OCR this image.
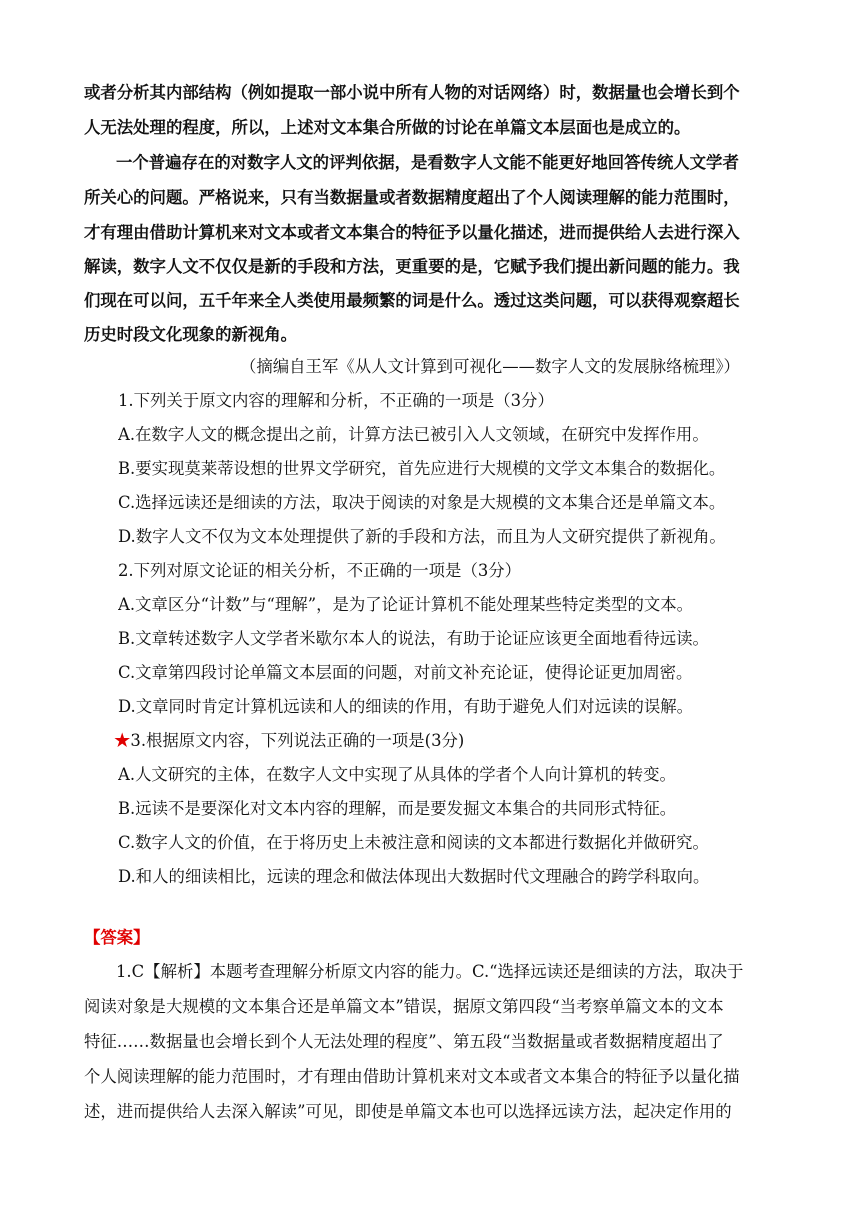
或者分析其内部结构（例如提取一部小说中所有人物的对话网络）时，数据量也会增长到个
人无法处理的程度，所以，上述对文本集合所做的讨论在单篇文本层面也是成立的。
一个普遍存在的对数字人文的评判依据，是看数字人文能不能更好地回答传统人文学者
所关心的问题。严格说来，只有当数据量或者数据精度超出了个人阅读理解的能力范围时，
才有理由借助计算机来对文本或者文本集合的特征予以量化描述，进而提供给人去进行深入
解读，数字人文不仅仅是新的手段和方法，更重要的是，它赋予我们提出新问题的能力。我
们现在可以问，五千年来全人类使用最频繁的词是什么。透过这类问题，可以获得观察超长
历史时段文化现象的新视角。
（摘编自王军《从人文计算到可视化——数字人文的发展脉络梳理》）
1.下列关于原文内容的理解和分析，不正确的一项是（3分）
A.在数字人文的概念提出之前，计算方法已被引入人文领域，在研究中发挥作用。
B.要实现莫莱蒂设想的世界文学研究，首先应进行大规模的文学文本集合的数据化。
C.选择远读还是细读的方法，取决于阅读的对象是大规模的文本集合还是单篇文本。
D.数字人文不仅为文本处理提供了新的手段和方法，而且为人文研究提供了新视角。
2.下列对原文论证的相关分析，不正确的一项是（3分）
A.文章区分“计数”与“理解”，是为了论证计算机不能处理某些特定类型的文本。
B.文章转述数字人文学者米歇尔本人的说法，有助于论证应该更全面地看待远读。
C.文章第四段讨论单篇文本层面的问题，对前文补充论证，使得论证更加周密。
D.文章同时肯定计算机远读和人的细读的作用，有助于避免人们对远读的误解。
★3.根据原文内容，下列说法正确的一项是(3分)
A.人文研究的主体，在数字人文中实现了从具体的学者个人向计算机的转变。
B.远读不是要深化对文本内容的理解，而是要发掘文本集合的共同形式特征。
C.数字人文的价值，在于将历史上未被注意和阅读的文本都进行数据化并做研究。
D.和人的细读相比，远读的理念和做法体现出大数据时代文理融合的跨学科取向。
【答案】
1.C【解析】本题考查理解分析原文内容的能力。C.“选择远读还是细读的方法，取决于
阅读对象是大规模的文本集合还是单篇文本”错误，据原文第四段“当考察单篇文本的文本
特征……数据量也会增长到个人无法处理的程度”、第五段“当数据量或者数据精度超出了
个人阅读理解的能力范围时，才有理由借助计算机来对文本或者文本集合的特征予以量化描
述，进而提供给人去深入解读”可见，即使是单篇文本也可以选择远读方法，起决定作用的
